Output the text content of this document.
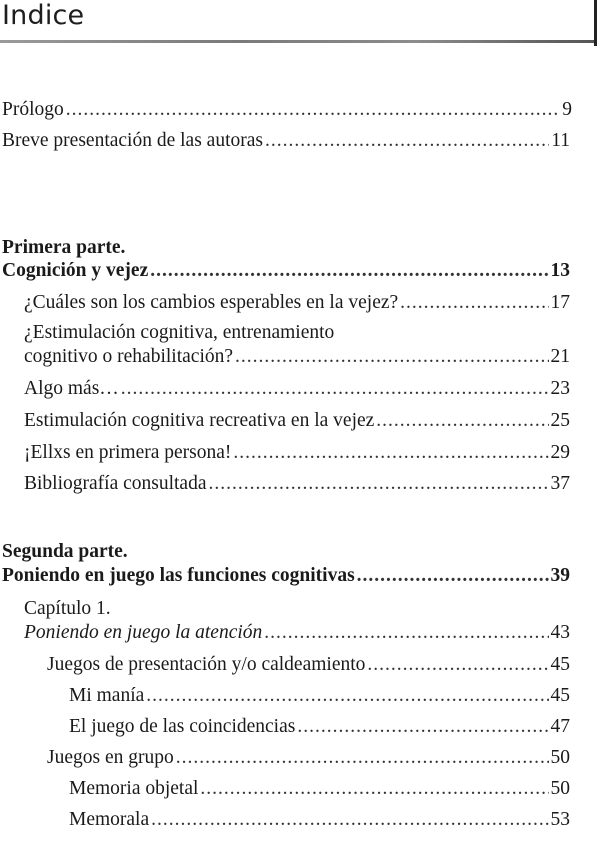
Indice
Prólogo .....	9
Breve presentación de las autoras .....	11
Primera parte.
Cognición y vejez .....	13
¿Cuáles son los cambios esperables en la vejez? .....	17
¿Estimulación cognitiva, entrenamiento
cognitivo o rehabilitación? .....	21
Algo más… .....	23
Estimulación cognitiva recreativa en la vejez .....	25
¡Ellxs en primera persona! .....	29
Bibliografía consultada .....	37
Segunda parte.
Poniendo en juego las funciones cognitivas .....	39
Capítulo 1.
Poniendo en juego la atención .....	43
Juegos de presentación y/o caldeamiento .....	45
Mi manía .....	45
El juego de las coincidencias .....	47
Juegos en grupo .....	50
Memoria objetal .....	50
Memorala .....	53
